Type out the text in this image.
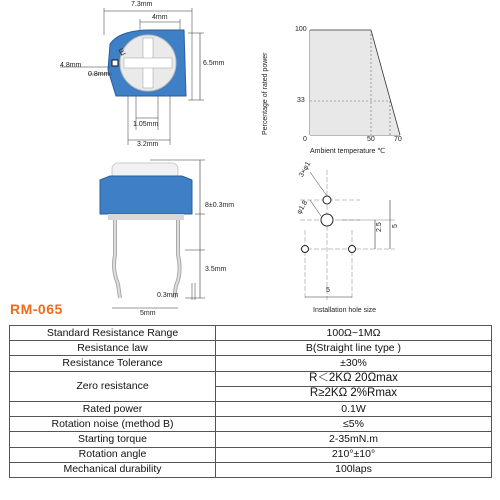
E
7.3mm
4mm
6.5mm
4.8mm
0.8mm
1.05mm
3.2mm
Percentage of rated power
100
33
0	50	70
Ambient temperature ℃
8±0.3mm
3.5mm
0.3mm
5mm
3×φ1
φ1.8
2.5 5
5
Installation hole size
RM-065
Standard Resistance Range	100Ω~1MΩ
Resistance law	B(Straight line type )
Resistance Tolerance	±30%
Zero resistance	R＜2KΩ 20Ωmax
	R≥2KΩ 2%Rmax
Rated power	0.1W
Rotation noise (method B)	≤5%
Starting torque	2-35mN.m
Rotation angle	210°±10°
Mechanical durability	100laps
